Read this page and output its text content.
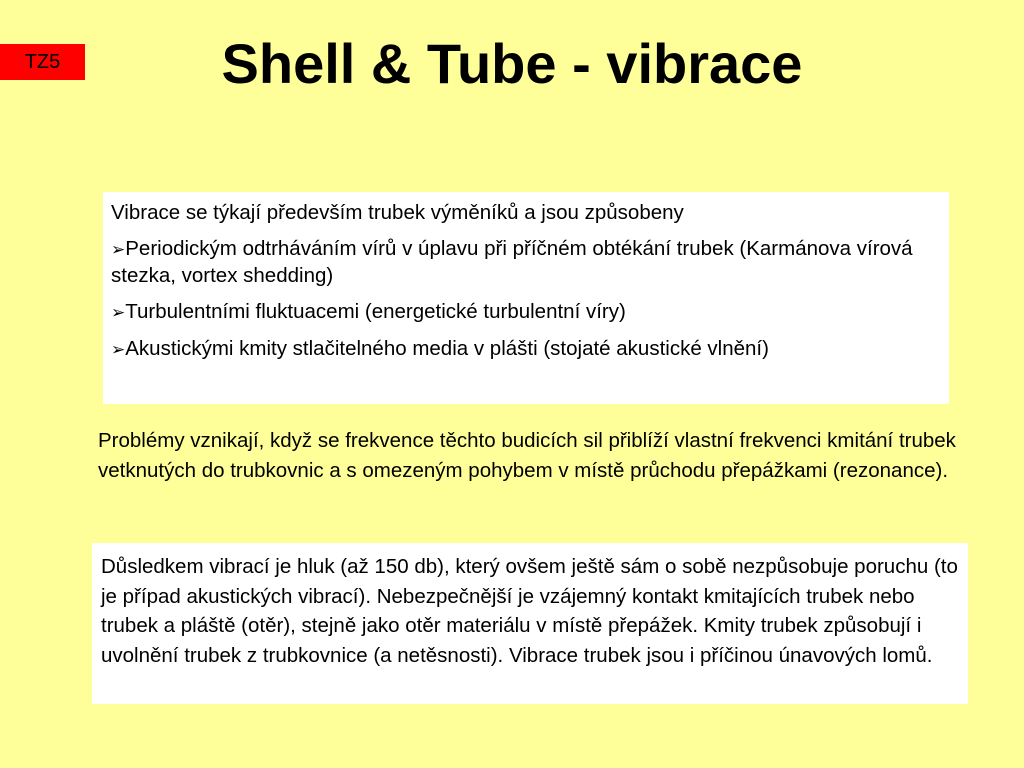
TZ5	Shell & Tube - vibrace

Vibrace se týkají především trubek výměníků a jsou způsobeny

➢Periodickým odtrháváním vírů v úplavu při příčném obtékání trubek (Karmánova vírová stezka, vortex shedding)

➢Turbulentními fluktuacemi (energetické turbulentní víry)

➢Akustickými kmity stlačitelného media v plášti (stojaté akustické vlnění)

Problémy vznikají, když se frekvence těchto budicích sil přiblíží vlastní frekvenci kmitání trubek vetknutých do trubkovnic a s omezeným pohybem v místě průchodu přepážkami (rezonance).
Důsledkem vibrací je hluk (až 150 db), který ovšem ještě sám o sobě nezpůsobuje poruchu (to je případ akustických vibrací). Nebezpečnější je vzájemný kontakt kmitajících trubek nebo trubek a pláště (otěr), stejně jako otěr materiálu v místě přepážek. Kmity trubek způsobují i uvolnění trubek z trubkovnice (a netěsnosti). Vibrace trubek jsou i příčinou únavových lomů.
